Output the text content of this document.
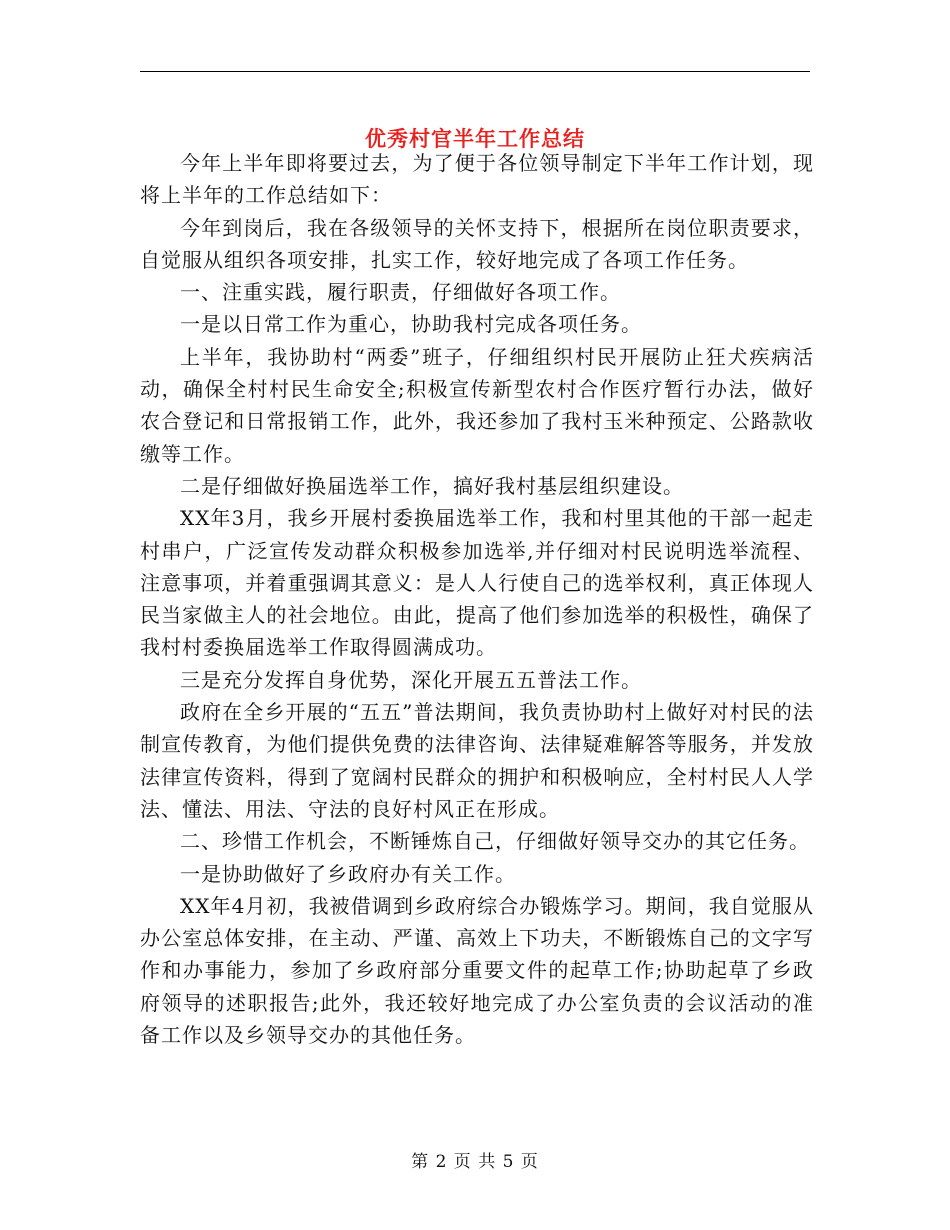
优秀村官半年工作总结

今年上半年即将要过去，为了便于各位领导制定下半年工作计划，现将上半年的工作总结如下：

今年到岗后，我在各级领导的关怀支持下，根据所在岗位职责要求，自觉服从组织各项安排，扎实工作，较好地完成了各项工作任务。

一、注重实践，履行职责，仔细做好各项工作。

一是以日常工作为重心，协助我村完成各项任务。

上半年，我协助村“两委”班子，仔细组织村民开展防止狂犬疾病活动，确保全村村民生命安全;积极宣传新型农村合作医疗暂行办法，做好农合登记和日常报销工作，此外，我还参加了我村玉米种预定、公路款收缴等工作。

二是仔细做好换届选举工作，搞好我村基层组织建设。

XX年3月，我乡开展村委换届选举工作，我和村里其他的干部一起走村串户，广泛宣传发动群众积极参加选举,并仔细对村民说明选举流程、注意事项，并着重强调其意义：是人人行使自己的选举权利，真正体现人民当家做主人的社会地位。由此，提高了他们参加选举的积极性，确保了我村村委换届选举工作取得圆满成功。

三是充分发挥自身优势，深化开展五五普法工作。

政府在全乡开展的“五五”普法期间，我负责协助村上做好对村民的法制宣传教育，为他们提供免费的法律咨询、法律疑难解答等服务，并发放法律宣传资料，得到了宽阔村民群众的拥护和积极响应，全村村民人人学法、懂法、用法、守法的良好村风正在形成。

二、珍惜工作机会，不断锤炼自己，仔细做好领导交办的其它任务。

一是协助做好了乡政府办有关工作。

XX年4月初，我被借调到乡政府综合办锻炼学习。期间，我自觉服从办公室总体安排，在主动、严谨、高效上下功夫，不断锻炼自己的文字写作和办事能力，参加了乡政府部分重要文件的起草工作;协助起草了乡政府领导的述职报告;此外，我还较好地完成了办公室负责的会议活动的准备工作以及乡领导交办的其他任务。

第 2 页 共 5 页
